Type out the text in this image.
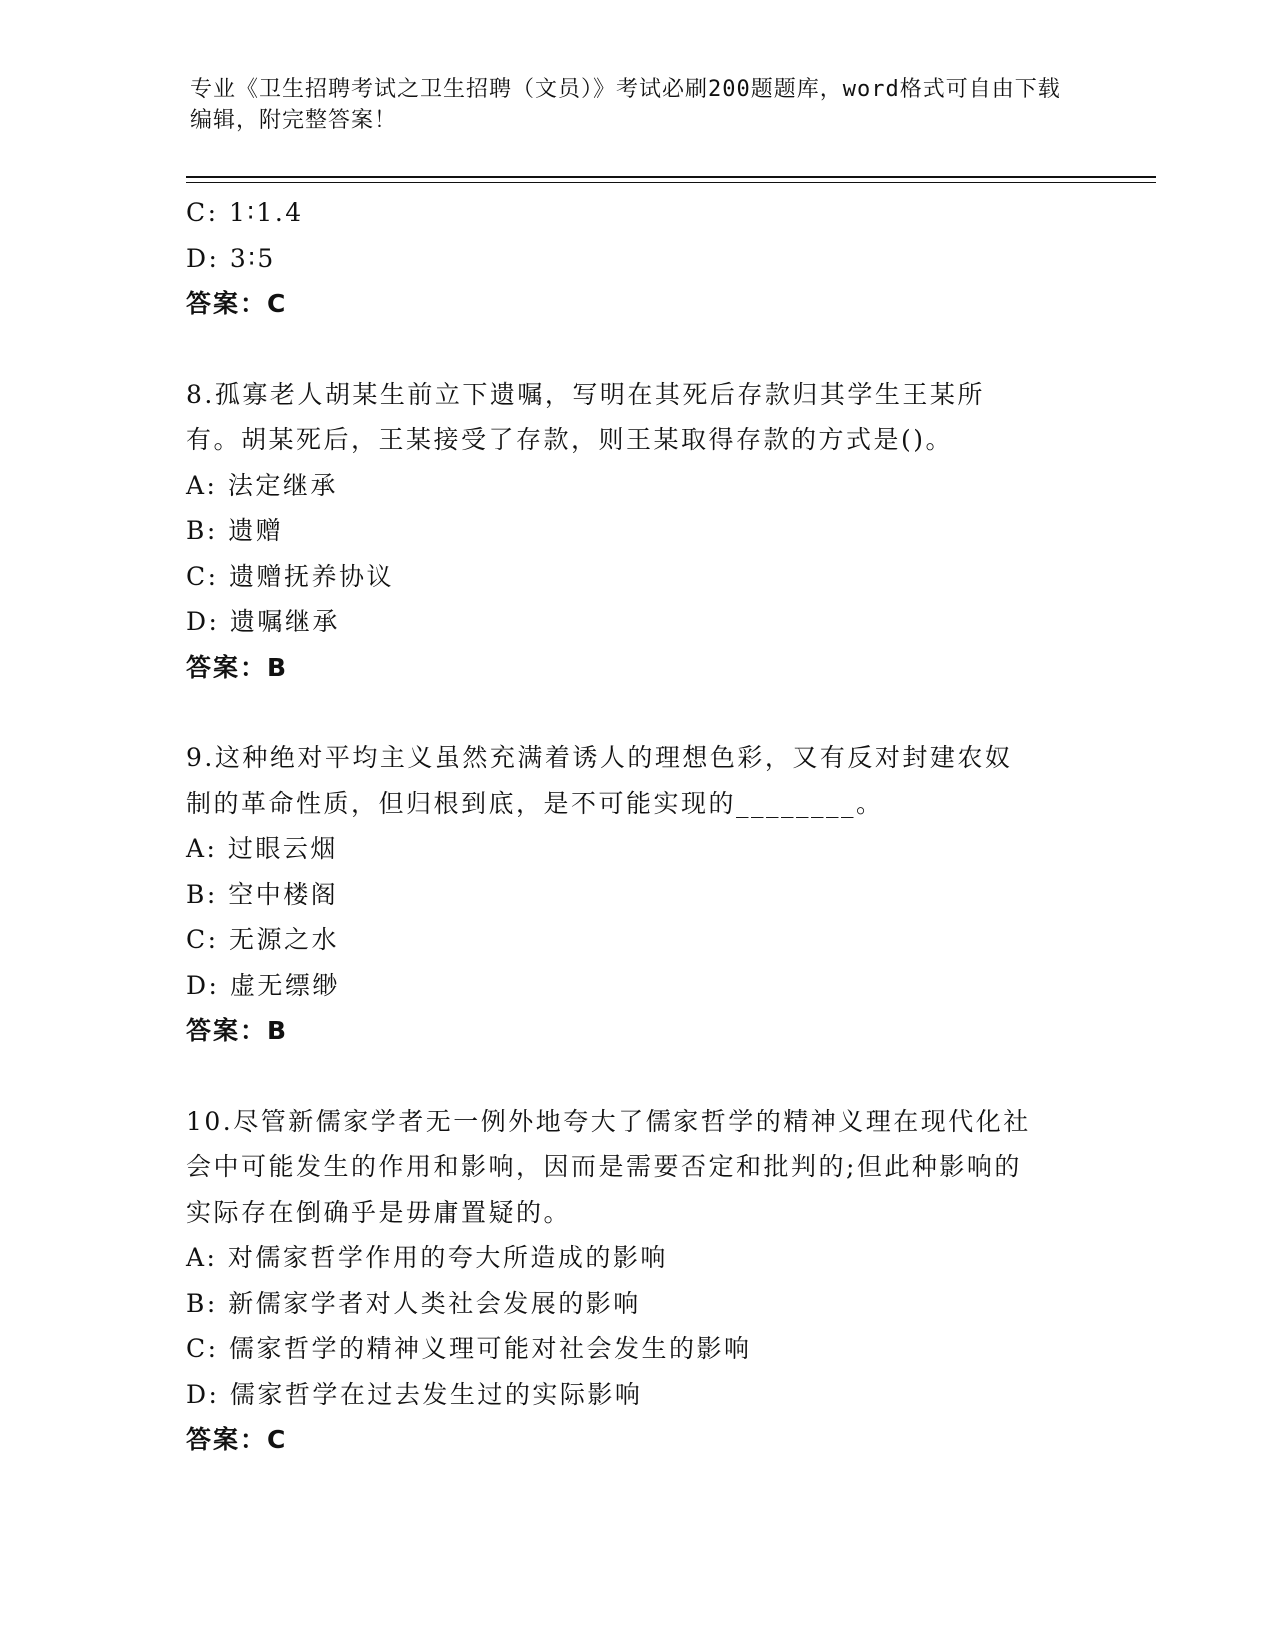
专业《卫生招聘考试之卫生招聘（文员）》考试必刷200题题库，word格式可自由下载编辑，附完整答案！
C: 1∶1.4
D: 3∶5
答案：C
8.孤寡老人胡某生前立下遗嘱，写明在其死后存款归其学生王某所有。胡某死后，王某接受了存款，则王某取得存款的方式是()。
A: 法定继承
B: 遗赠
C: 遗赠抚养协议
D: 遗嘱继承
答案：B
9.这种绝对平均主义虽然充满着诱人的理想色彩，又有反对封建农奴制的革命性质，但归根到底，是不可能实现的________。
A: 过眼云烟
B: 空中楼阁
C: 无源之水
D: 虚无缥缈
答案：B
10.尽管新儒家学者无一例外地夸大了儒家哲学的精神义理在现代化社会中可能发生的作用和影响，因而是需要否定和批判的;但此种影响的实际存在倒确乎是毋庸置疑的。
A: 对儒家哲学作用的夸大所造成的影响
B: 新儒家学者对人类社会发展的影响
C: 儒家哲学的精神义理可能对社会发生的影响
D: 儒家哲学在过去发生过的实际影响
答案：C
